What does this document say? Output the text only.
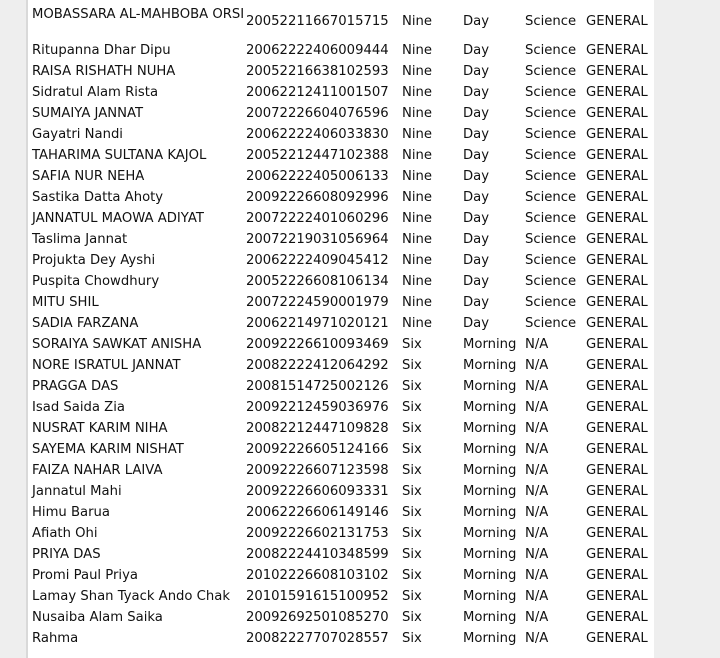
MOBASSARA AL-MAHBOBA ORSI	20052211667015715	Nine	Day	Science	GENERAL
Ritupanna Dhar Dipu	20062222406009444	Nine	Day	Science	GENERAL
RAISA RISHATH NUHA	20052216638102593	Nine	Day	Science	GENERAL
Sidratul Alam Rista	20062212411001507	Nine	Day	Science	GENERAL
SUMAIYA JANNAT	20072226604076596	Nine	Day	Science	GENERAL
Gayatri Nandi	20062222406033830	Nine	Day	Science	GENERAL
TAHARIMA SULTANA KAJOL	20052212447102388	Nine	Day	Science	GENERAL
SAFIA NUR NEHA	20062222405006133	Nine	Day	Science	GENERAL
Sastika Datta Ahoty	20092226608092996	Nine	Day	Science	GENERAL
JANNATUL MAOWA ADIYAT	20072222401060296	Nine	Day	Science	GENERAL
Taslima Jannat	20072219031056964	Nine	Day	Science	GENERAL
Projukta Dey Ayshi	20062222409045412	Nine	Day	Science	GENERAL
Puspita Chowdhury	20052226608106134	Nine	Day	Science	GENERAL
MITU SHIL	20072224590001979	Nine	Day	Science	GENERAL
SADIA FARZANA	20062214971020121	Nine	Day	Science	GENERAL
SORAIYA SAWKAT ANISHA	20092226610093469	Six	Morning	N/A	GENERAL
NORE ISRATUL JANNAT	20082222412064292	Six	Morning	N/A	GENERAL
PRAGGA DAS	20081514725002126	Six	Morning	N/A	GENERAL
Isad Saida Zia	20092212459036976	Six	Morning	N/A	GENERAL
NUSRAT KARIM NIHA	20082212447109828	Six	Morning	N/A	GENERAL
SAYEMA KARIM NISHAT	20092226605124166	Six	Morning	N/A	GENERAL
FAIZA NAHAR LAIVA	20092226607123598	Six	Morning	N/A	GENERAL
Jannatul Mahi	20092226606093331	Six	Morning	N/A	GENERAL
Himu Barua	20062226606149146	Six	Morning	N/A	GENERAL
Afiath Ohi	20092226602131753	Six	Morning	N/A	GENERAL
PRIYA DAS	20082224410348599	Six	Morning	N/A	GENERAL
Promi Paul Priya	20102226608103102	Six	Morning	N/A	GENERAL
Lamay Shan Tyack Ando Chak	20101591615100952	Six	Morning	N/A	GENERAL
Nusaiba Alam Saika	20092692501085270	Six	Morning	N/A	GENERAL
Rahma	20082227707028557	Six	Morning	N/A	GENERAL
